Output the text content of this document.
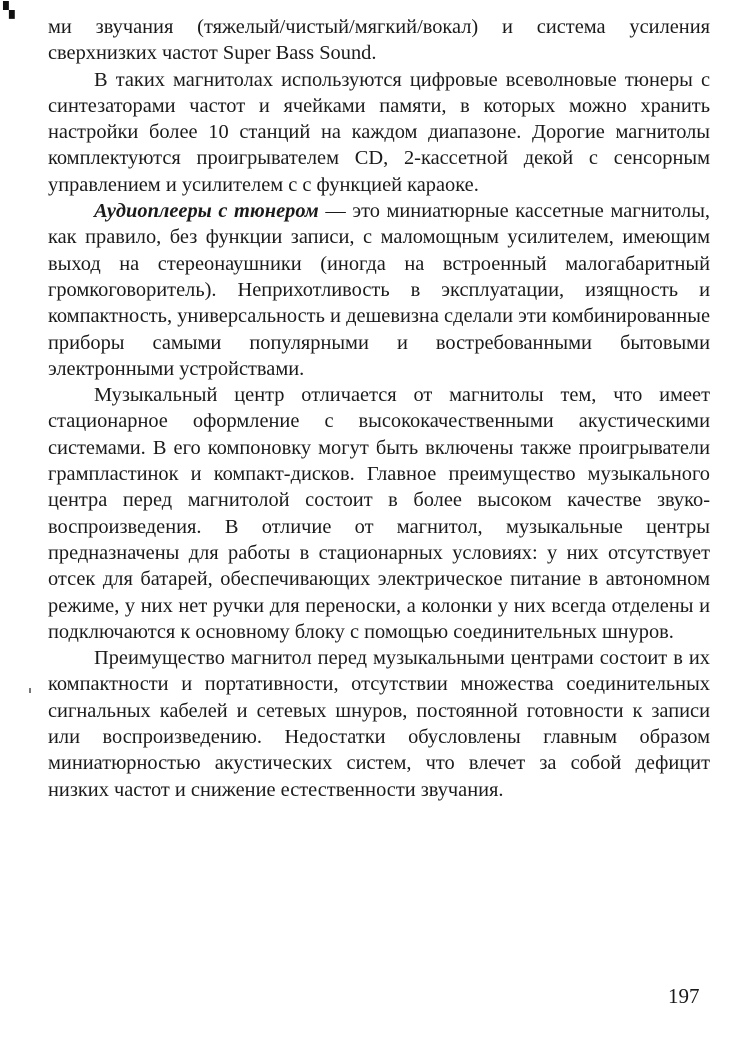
▚

ми звучания (тяжелый/чистый/мягкий/вокал) и система усиления сверхнизких частот Super Bass Sound.

В таких магнитолах используются цифровые всеволновые тюнеры с синтезаторами частот и ячейками памяти, в которых можно хранить настройки более 10 станций на каждом диапазоне. Дорогие магнитолы комплектуются проигрывателем CD, 2-кассетной декой с сенсорным управлением и усилителем с с функцией караоке.

Аудиоплееры с тюнером — это миниатюрные кассетные магнитолы, как правило, без функции записи, с маломощным усилителем, имеющим выход на стереонаушники (иногда на встроенный малогабаритный громкоговоритель). Неприхотливость в эксплуатации, изящность и компактность, универсальность и дешевизна сделали эти комбинированные приборы самыми популярными и востребованными бытовыми электронными устройствами.

Музыкальный центр отличается от магнитолы тем, что имеет стационарное оформление с высококачественными акустическими системами. В его компоновку могут быть включены также проигрыватели грампластинок и компакт-дисков. Главное преимущество музыкального центра перед магнитолой состоит в более высоком качестве звуковоспроизведения. В отличие от магнитол, музыкальные центры предназначены для работы в стационарных условиях: у них отсутствует отсек для батарей, обеспечивающих электрическое питание в автономном режиме, у них нет ручки для переноски, а колонки у них всегда отделены и подключаются к основному блоку с помощью соединительных шнуров.

Преимущество магнитол перед музыкальными центрами состоит в их компактности и портативности, отсутствии множества соединительных сигнальных кабелей и сетевых шнуров, постоянной готовности к записи или воспроизведению. Недостатки обусловлены главным образом миниатюрностью акустических систем, что влечет за собой дефицит низких частот и снижение естественности звучания.

197
